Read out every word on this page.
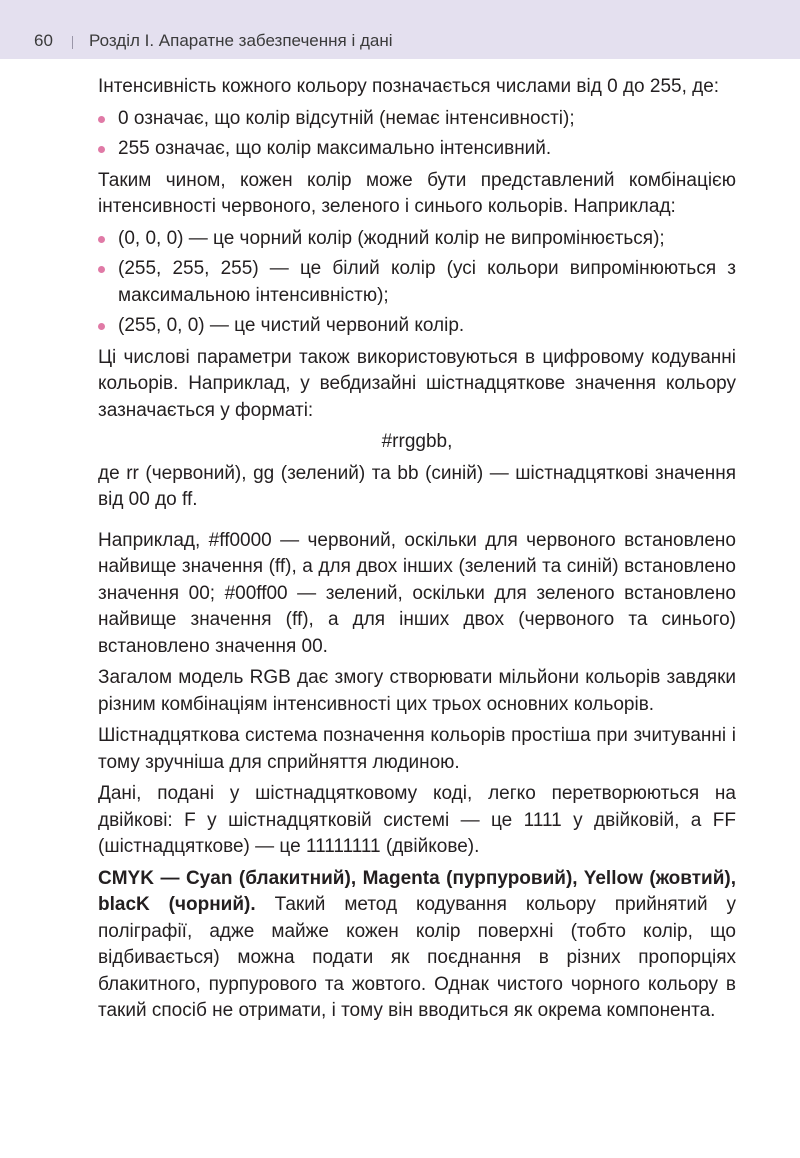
60 Розділ І. Апаратне забезпечення і дані

Інтенсивність кожного кольору позначається числами від 0 до 255, де:

0 означає, що колір відсутній (немає інтенсивності);
255 означає, що колір максимально інтенсивний.

Таким чином, кожен колір може бути представлений комбінацією інтенсивності червоного, зеленого і синього кольорів. Наприклад:

(0, 0, 0) — це чорний колір (жодний колір не випромінюється);
(255, 255, 255) — це білий колір (усі кольори випромінюються з максимальною інтенсивністю);
(255, 0, 0) — це чистий червоний колір.

Ці числові параметри також використовуються в цифровому кодуванні кольорів. Наприклад, у вебдизайні шістнадцяткове значення кольору зазначається у форматі:

#rrggbb,

де rr (червоний), gg (зелений) та bb (синій) — шістнадцяткові значення від 00 до ff.

Наприклад, #ff0000 — червоний, оскільки для червоного встановлено найвище значення (ff), а для двох інших (зелений та синій) встановлено значення 00; #00ff00 — зелений, оскільки для зеленого встановлено найвище значення (ff), а для інших двох (червоного та синього) встановлено значення 00.

Загалом модель RGB дає змогу створювати мільйони кольорів завдяки різним комбінаціям інтенсивності цих трьох основних кольорів.

Шістнадцяткова система позначення кольорів простіша при зчитуванні і тому зручніша для сприйняття людиною.

Дані, подані у шістнадцятковому коді, легко перетворюються на двійкові: F у шістнадцятковій системі — це 1111 у двійковій, а FF (шістнадцяткове) — це 11111111 (двійкове).

CMYK — Cyan (блакитний), Magenta (пурпуровий), Yellow (жовтий), blacK (чорний). Такий метод кодування кольору прийнятий у поліграфії, адже майже кожен колір поверхні (тобто колір, що відбивається) можна подати як поєднання в різних пропорціях блакитного, пурпурового та жовтого. Однак чистого чорного кольору в такий спосіб не отримати, і тому він вводиться як окрема компонента.
